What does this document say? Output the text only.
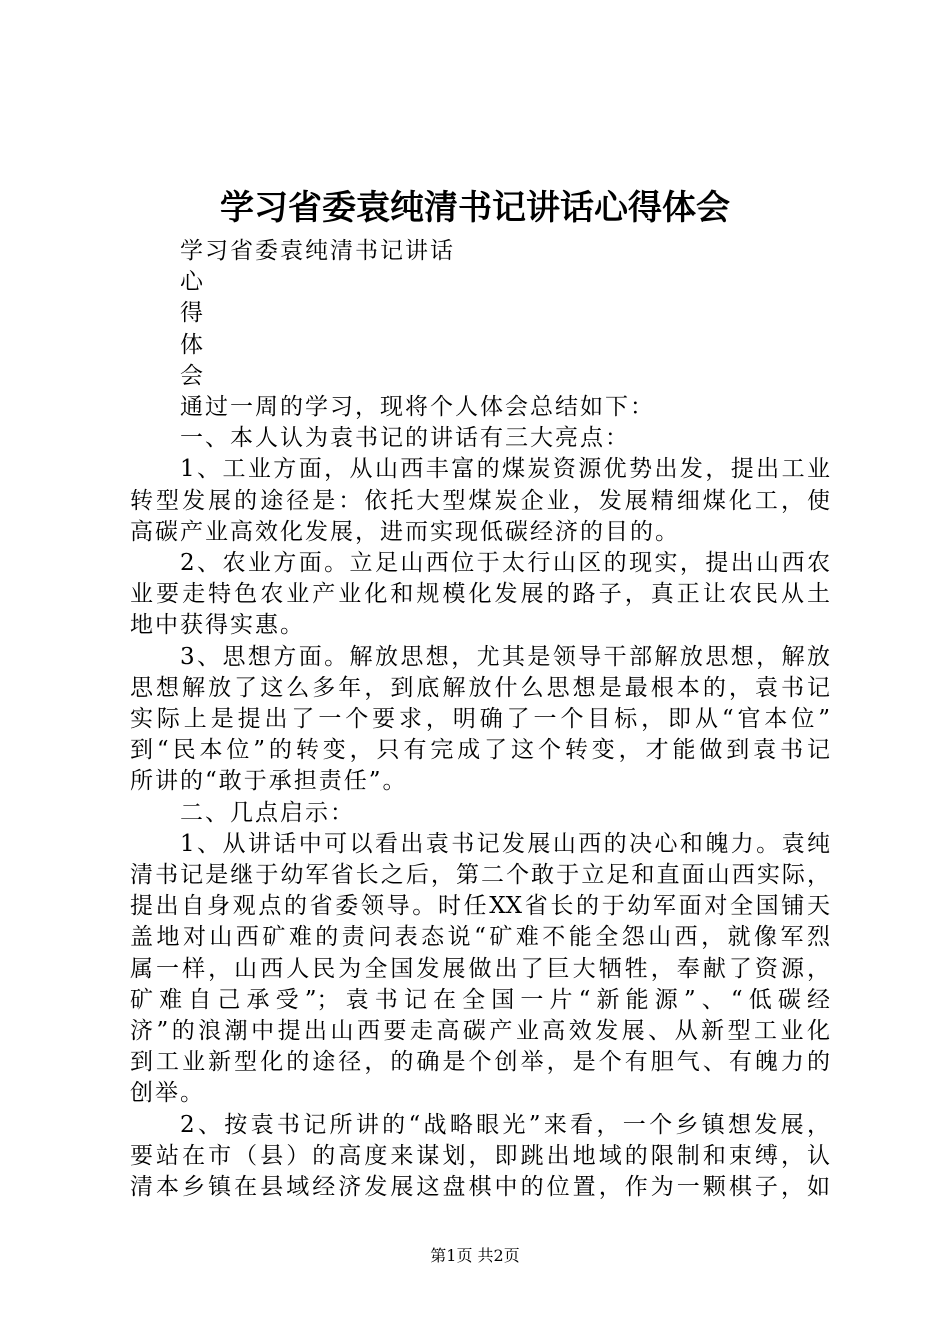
学习省委袁纯清书记讲话心得体会
学习省委袁纯清书记讲话
心
得
体
会
通过一周的学习，现将个人体会总结如下：
一、本人认为袁书记的讲话有三大亮点：
1、工业方面，从山西丰富的煤炭资源优势出发，提出工业
转型发展的途径是：依托大型煤炭企业，发展精细煤化工，使
高碳产业高效化发展，进而实现低碳经济的目的。
2、农业方面。立足山西位于太行山区的现实，提出山西农
业要走特色农业产业化和规模化发展的路子，真正让农民从土
地中获得实惠。
3、思想方面。解放思想，尤其是领导干部解放思想，解放
思想解放了这么多年，到底解放什么思想是最根本的，袁书记
实际上是提出了一个要求，明确了一个目标，即从“官本位”
到“民本位”的转变，只有完成了这个转变，才能做到袁书记
所讲的“敢于承担责任”。
二、几点启示：
1、从讲话中可以看出袁书记发展山西的决心和魄力。袁纯
清书记是继于幼军省长之后，第二个敢于立足和直面山西实际，
提出自身观点的省委领导。时任XX省长的于幼军面对全国铺天
盖地对山西矿难的责问表态说“矿难不能全怨山西，就像军烈
属一样，山西人民为全国发展做出了巨大牺牲，奉献了资源，
矿难自己承受”；袁书记在全国一片“新能源”、“低碳经
济”的浪潮中提出山西要走高碳产业高效发展、从新型工业化
到工业新型化的途径，的确是个创举，是个有胆气、有魄力的
创举。
2、按袁书记所讲的“战略眼光”来看，一个乡镇想发展，
要站在市（县）的高度来谋划，即跳出地域的限制和束缚，认
清本乡镇在县域经济发展这盘棋中的位置，作为一颗棋子，如
第1页 共2页
